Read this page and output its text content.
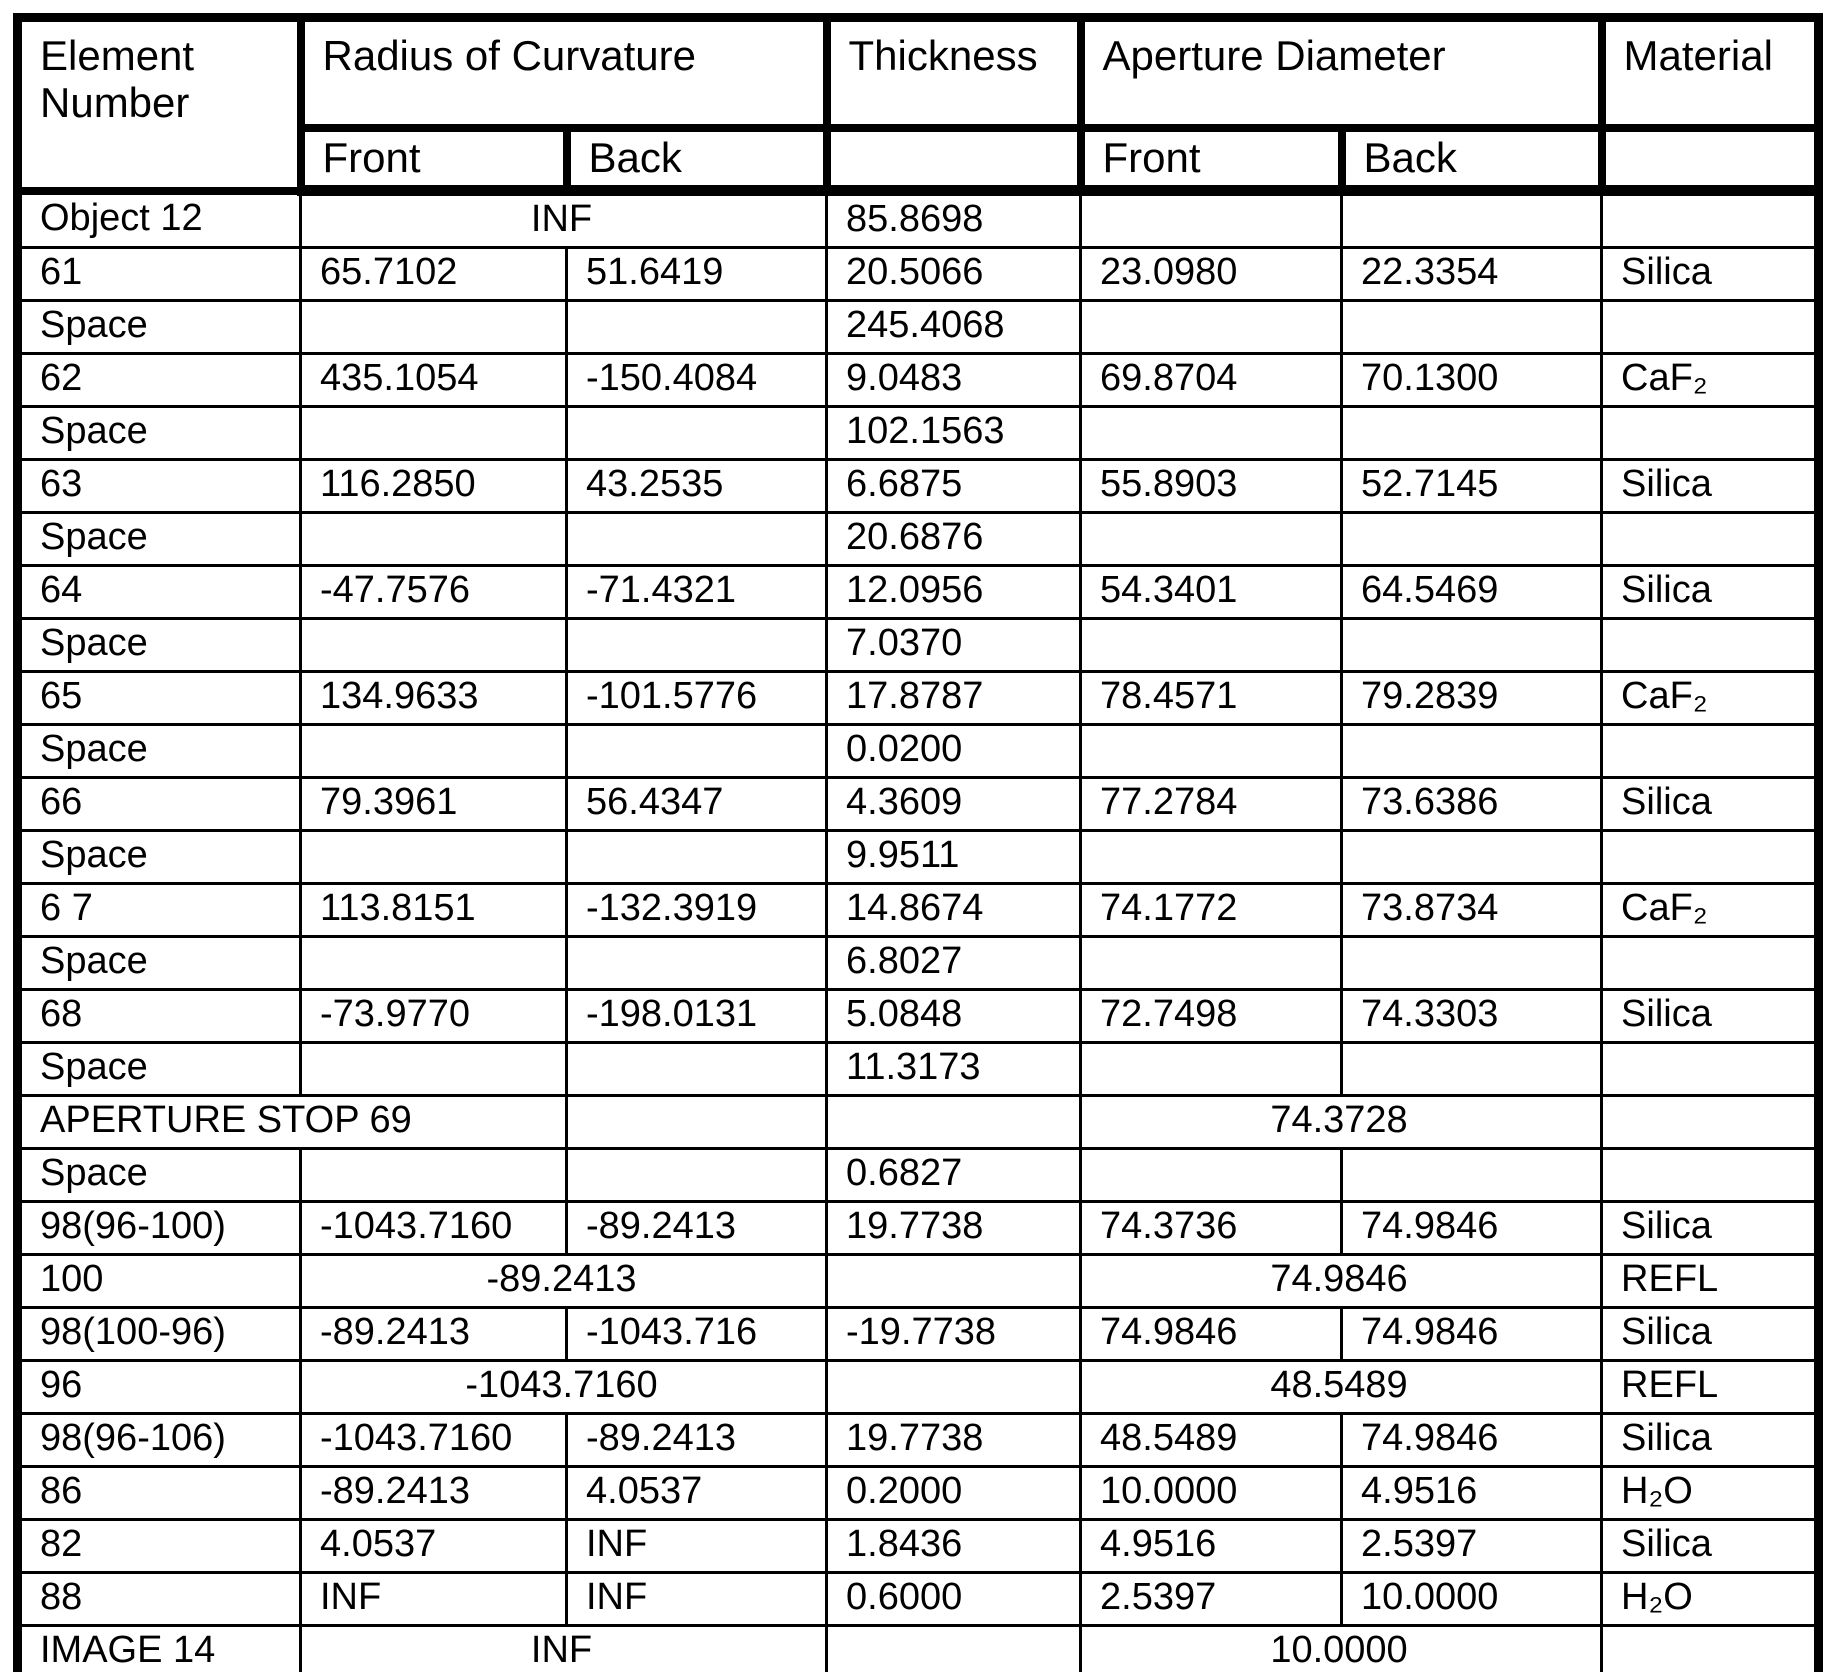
Element
Number	Radius of Curvature		Thickness	Aperture Diameter		Material
	Front	Back		Front	Back	
Object 12	INF		85.8698			
61	65.7102	51.6419	20.5066	23.0980	22.3354	Silica
Space			245.4068			
62	435.1054	-150.4084	9.0483	69.8704	70.1300	CaF₂
Space			102.1563			
63	116.2850	43.2535	6.6875	55.8903	52.7145	Silica
Space			20.6876			
64	-47.7576	-71.4321	12.0956	54.3401	64.5469	Silica
Space			7.0370			
65	134.9633	-101.5776	17.8787	78.4571	79.2839	CaF₂
Space			0.0200			
66	79.3961	56.4347	4.3609	77.2784	73.6386	Silica
Space			9.9511			
6 7	113.8151	-132.3919	14.8674	74.1772	73.8734	CaF₂
Space			6.8027			
68	-73.9770	-198.0131	5.0848	72.7498	74.3303	Silica
Space			11.3173			
APERTURE STOP 69				74.3728		
Space			0.6827			
98(96-100)	-1043.7160	-89.2413	19.7738	74.3736	74.9846	Silica
100	-89.2413			74.9846		REFL
98(100-96)	-89.2413	-1043.716	-19.7738	74.9846	74.9846	Silica
96	-1043.7160			48.5489		REFL
98(96-106)	-1043.7160	-89.2413	19.7738	48.5489	74.9846	Silica
86	-89.2413	4.0537	0.2000	10.0000	4.9516	H₂O
82	4.0537	INF	1.8436	4.9516	2.5397	Silica
88	INF	INF	0.6000	2.5397	10.0000	H₂O
IMAGE 14	INF			10.0000		
